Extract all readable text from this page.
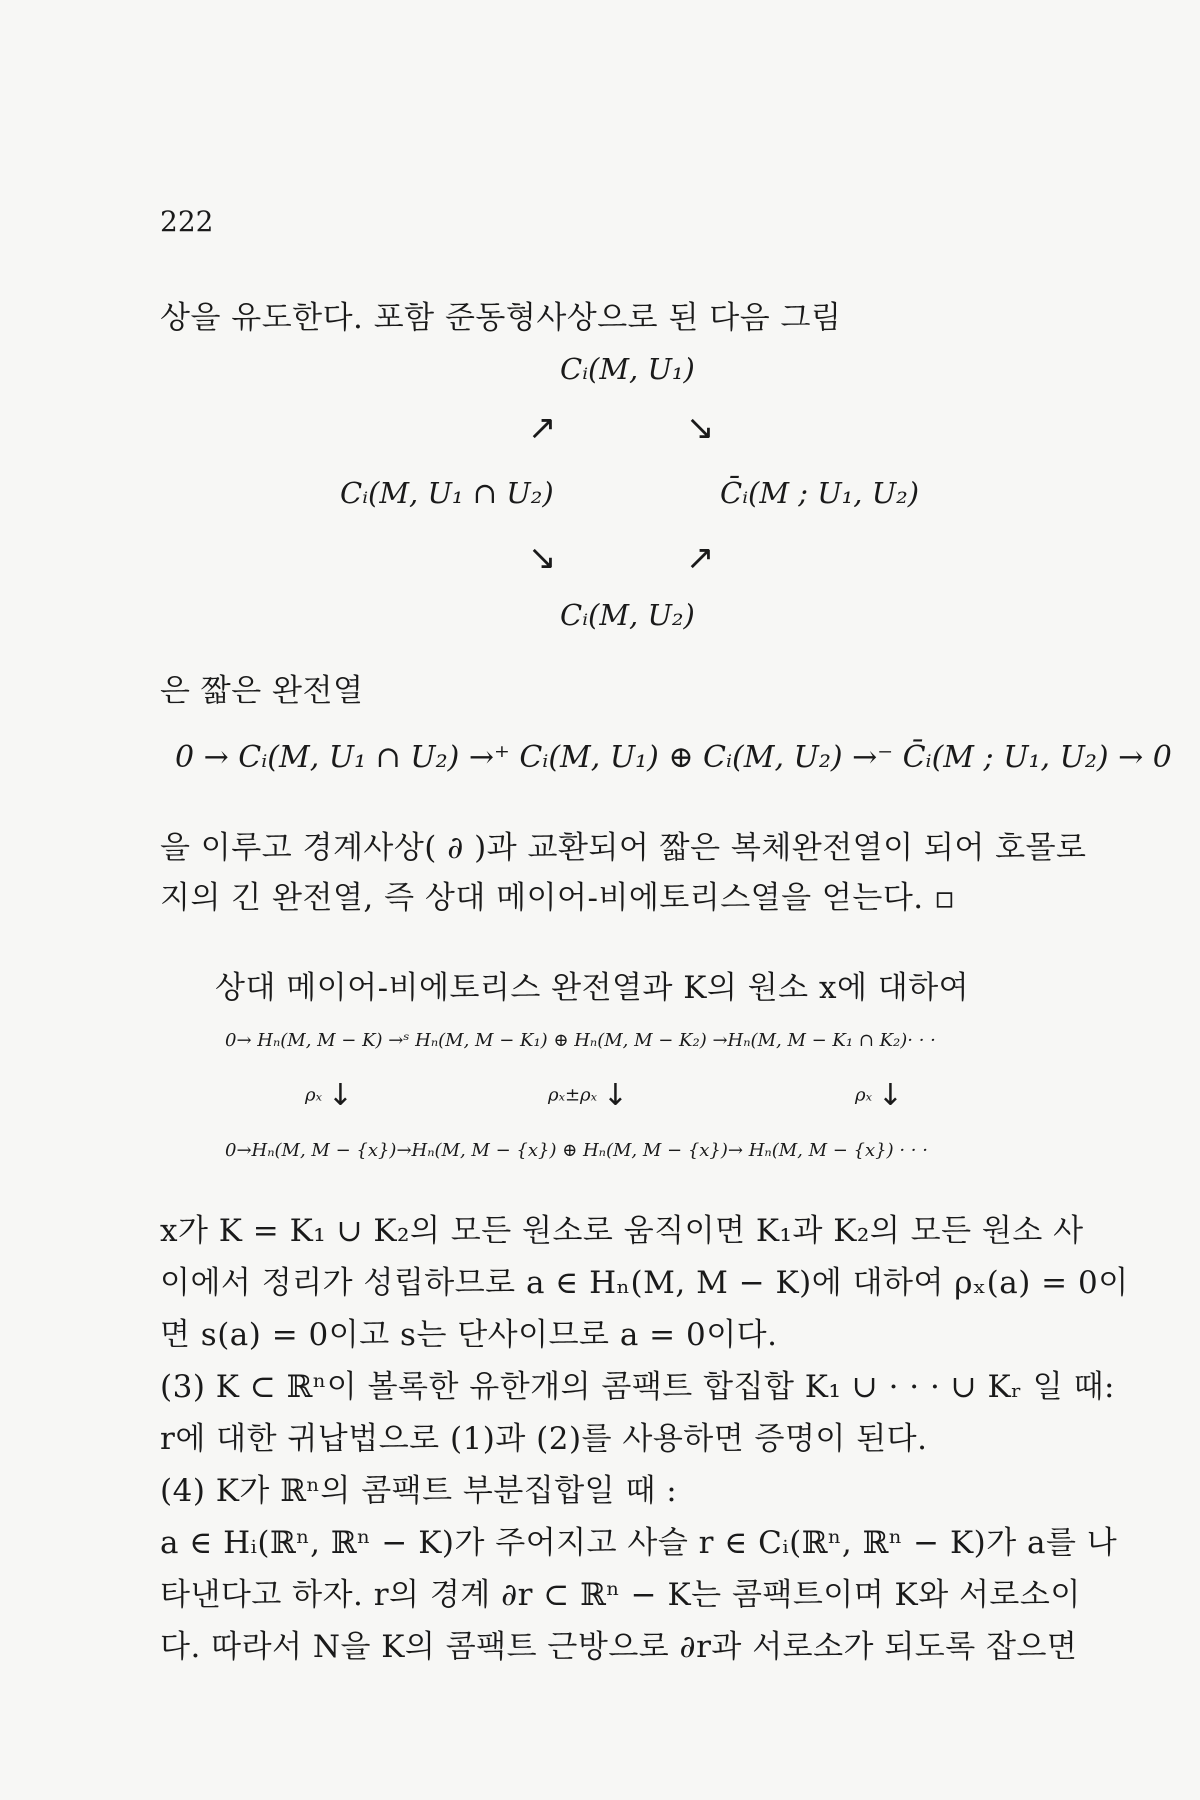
222
상을 유도한다. 포함 준동형사상으로 된 다음 그림
Cᵢ(M, U₁)
↗	↘
Cᵢ(M, U₁ ∩ U₂)	C̄ᵢ(M ; U₁, U₂)
↘	↗
Cᵢ(M, U₂)
은 짧은 완전열
0 → Cᵢ(M, U₁ ∩ U₂) →⁺ Cᵢ(M, U₁) ⊕ Cᵢ(M, U₂) →⁻ C̄ᵢ(M ; U₁, U₂) → 0
을 이루고 경계사상( ∂ )과 교환되어 짧은 복체완전열이 되어 호몰로
지의 긴 완전열, 즉 상대 메이어-비에토리스열을 얻는다. ▫
상대 메이어-비에토리스 완전열과 K의 원소 x에 대하여
0→ Hₙ(M, M − K) →ˢ Hₙ(M, M − K₁) ⊕ Hₙ(M, M − K₂) →Hₙ(M, M − K₁ ∩ K₂)· · ·
ρₓ ↓	ρₓ±ρₓ ↓	ρₓ ↓
0→Hₙ(M, M − {x})→Hₙ(M, M − {x}) ⊕ Hₙ(M, M − {x})→ Hₙ(M, M − {x}) · · ·
x가 K = K₁ ∪ K₂의 모든 원소로 움직이면 K₁과 K₂의 모든 원소 사
이에서 정리가 성립하므로 a ∈ Hₙ(M, M − K)에 대하여 ρₓ(a) = 0이
면 s(a) = 0이고 s는 단사이므로 a = 0이다.
(3) K ⊂ ℝⁿ이 볼록한 유한개의 콤팩트 합집합 K₁ ∪ · · · ∪ Kᵣ 일 때:
r에 대한 귀납법으로 (1)과 (2)를 사용하면 증명이 된다.
(4) K가 ℝⁿ의 콤팩트 부분집합일 때 :
a ∈ Hᵢ(ℝⁿ, ℝⁿ − K)가 주어지고 사슬 r ∈ Cᵢ(ℝⁿ, ℝⁿ − K)가 a를 나
타낸다고 하자. r의 경계 ∂r ⊂ ℝⁿ − K는 콤팩트이며 K와 서로소이
다. 따라서 N을 K의 콤팩트 근방으로 ∂r과 서로소가 되도록 잡으면
